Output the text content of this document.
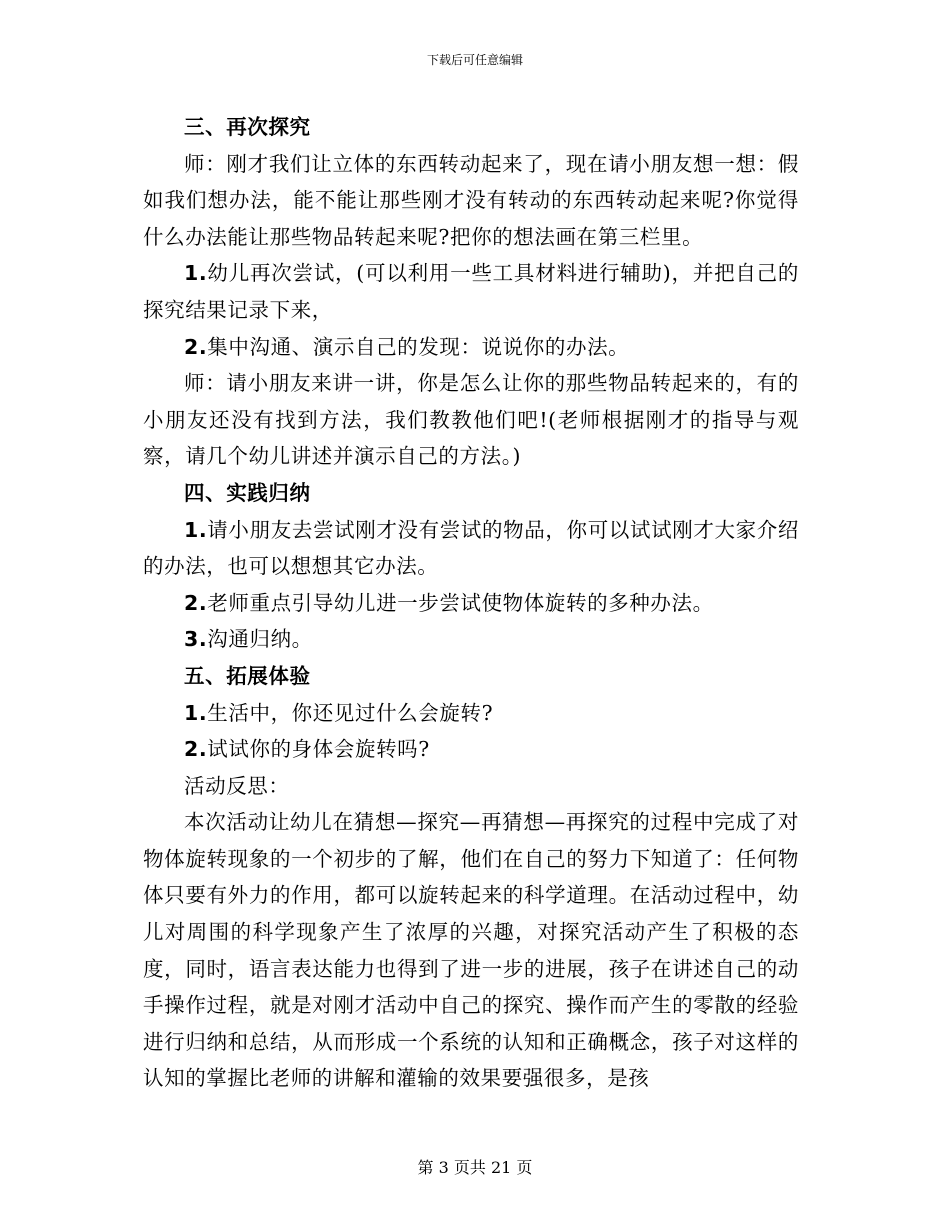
下载后可任意编辑

三、再次探究

师：刚才我们让立体的东西转动起来了，现在请小朋友想一想：假如我们想办法，能不能让那些刚才没有转动的东西转动起来呢?你觉得什么办法能让那些物品转起来呢?把你的想法画在第三栏里。

1.幼儿再次尝试，(可以利用一些工具材料进行辅助)，并把自己的探究结果记录下来，

2.集中沟通、演示自己的发现：说说你的办法。

师：请小朋友来讲一讲，你是怎么让你的那些物品转起来的，有的小朋友还没有找到方法，我们教教他们吧!(老师根据刚才的指导与观察，请几个幼儿讲述并演示自己的方法。)

四、实践归纳

1.请小朋友去尝试刚才没有尝试的物品，你可以试试刚才大家介绍的办法，也可以想想其它办法。

2.老师重点引导幼儿进一步尝试使物体旋转的多种办法。

3.沟通归纳。

五、拓展体验

1.生活中，你还见过什么会旋转?

2.试试你的身体会旋转吗?

活动反思：

本次活动让幼儿在猜想—探究—再猜想—再探究的过程中完成了对物体旋转现象的一个初步的了解，他们在自己的努力下知道了：任何物体只要有外力的作用，都可以旋转起来的科学道理。在活动过程中，幼儿对周围的科学现象产生了浓厚的兴趣，对探究活动产生了积极的态度，同时，语言表达能力也得到了进一步的进展，孩子在讲述自己的动手操作过程，就是对刚才活动中自己的探究、操作而产生的零散的经验进行归纳和总结，从而形成一个系统的认知和正确概念，孩子对这样的认知的掌握比老师的讲解和灌输的效果要强很多，是孩

第 3 页共 21 页
